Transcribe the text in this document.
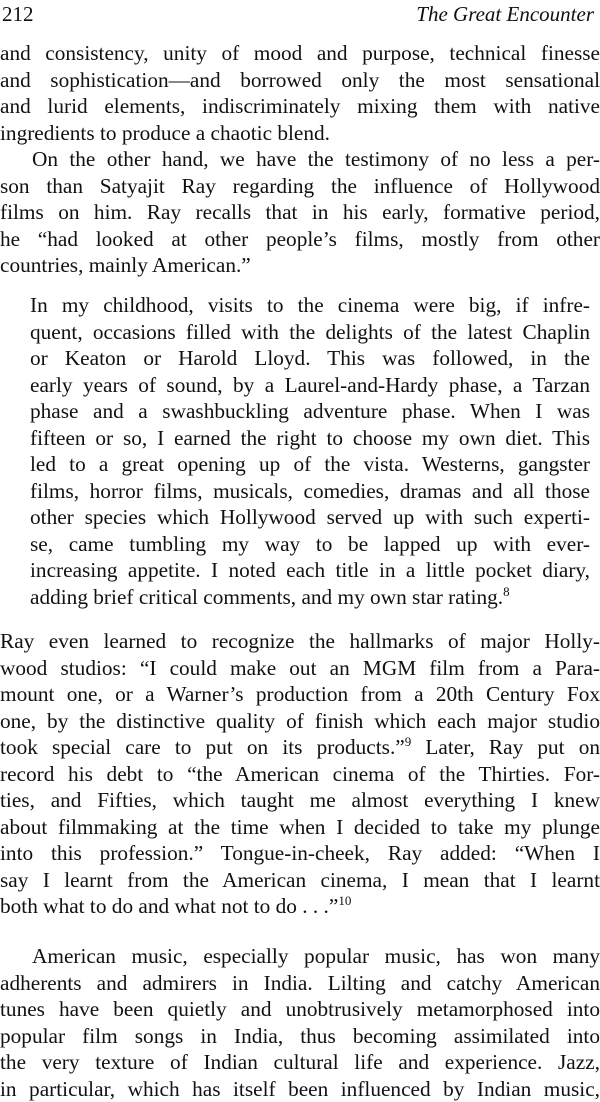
212	The Great Encounter
and consistency, unity of mood and purpose, technical finesse
and sophistication—and borrowed only the most sensational
and lurid elements, indiscriminately mixing them with native
ingredients to produce a chaotic blend.
On the other hand, we have the testimony of no less a per-
son than Satyajit Ray regarding the influence of Hollywood
films on him. Ray recalls that in his early, formative period,
he “had looked at other people’s films, mostly from other
countries, mainly American.”
In my childhood, visits to the cinema were big, if infre-
quent, occasions filled with the delights of the latest Chaplin
or Keaton or Harold Lloyd. This was followed, in the
early years of sound, by a Laurel-and-Hardy phase, a Tarzan
phase and a swashbuckling adventure phase. When I was
fifteen or so, I earned the right to choose my own diet. This
led to a great opening up of the vista. Westerns, gangster
films, horror films, musicals, comedies, dramas and all those
other species which Hollywood served up with such experti-
se, came tumbling my way to be lapped up with ever-
increasing appetite. I noted each title in a little pocket diary,
adding brief critical comments, and my own star rating.$^8$
Ray even learned to recognize the hallmarks of major Holly-
wood studios: “I could make out an MGM film from a Para-
mount one, or a Warner’s production from a 20th Century Fox
one, by the distinctive quality of finish which each major studio
took special care to put on its products.”$^9$ Later, Ray put on
record his debt to “the American cinema of the Thirties. For-
ties, and Fifties, which taught me almost everything I knew
about filmmaking at the time when I decided to take my plunge
into this profession.” Tongue-in-cheek, Ray added: “When I
say I learnt from the American cinema, I mean that I learnt
both what to do and what not to do . . .”$^{10}$
American music, especially popular music, has won many
adherents and admirers in India. Lilting and catchy American
tunes have been quietly and unobtrusively metamorphosed into
popular film songs in India, thus becoming assimilated into
the very texture of Indian cultural life and experience. Jazz,
in particular, which has itself been influenced by Indian music,
